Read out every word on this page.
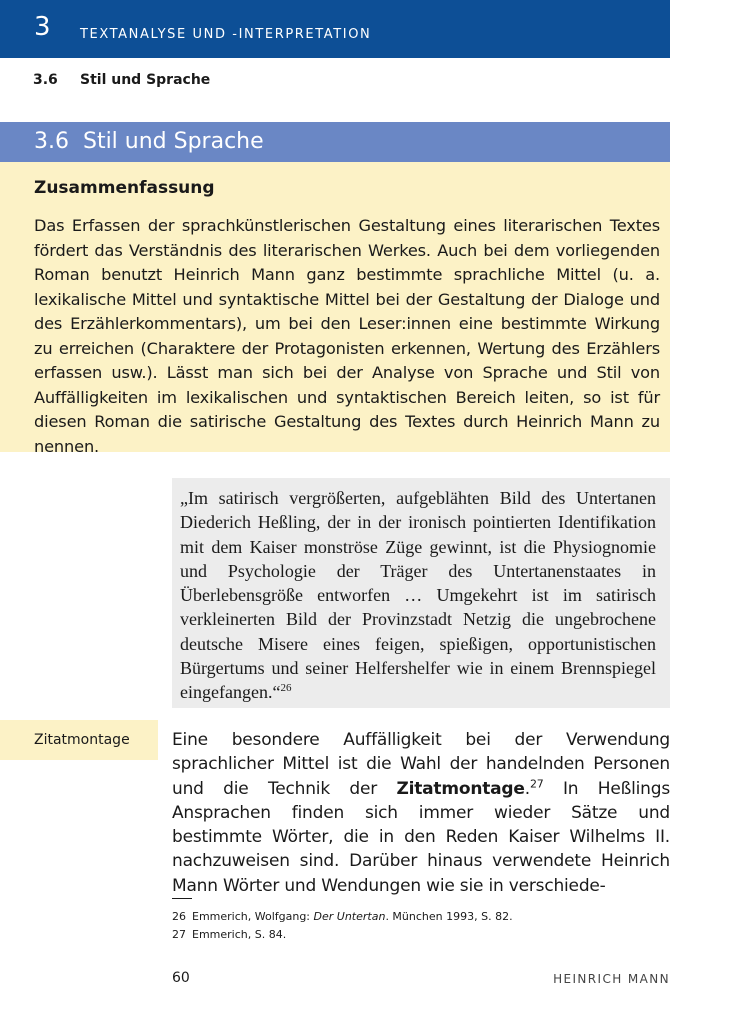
3 TEXTANALYSE UND -INTERPRETATION
3.6 Stil und Sprache
3.6  Stil und Sprache
Zusammenfassung
Das Erfassen der sprachkünstlerischen Gestaltung eines literarischen Textes fördert das Verständnis des literarischen Werkes. Auch bei dem vorliegenden Roman benutzt Heinrich Mann ganz bestimmte sprachliche Mittel (u. a. lexikalische Mittel und syntaktische Mittel bei der Gestaltung der Dialoge und des Erzählerkommentars), um bei den Leser:innen eine bestimmte Wirkung zu erreichen (Charaktere der Protagonisten erkennen, Wertung des Erzählers erfassen usw.). Lässt man sich bei der Analyse von Sprache und Stil von Auffälligkeiten im lexikalischen und syntaktischen Bereich leiten, so ist für diesen Roman die satirische Gestaltung des Textes durch Heinrich Mann zu nennen.
„Im satirisch vergrößerten, aufgeblähten Bild des Untertanen Diederich Heßling, der in der ironisch pointierten Identifikation mit dem Kaiser monströse Züge gewinnt, ist die Physiognomie und Psychologie der Träger des Untertanenstaates in Überlebensgröße entworfen … Umgekehrt ist im satirisch verkleinerten Bild der Provinzstadt Netzig die ungebrochene deutsche Misere eines feigen, spießigen, opportunistischen Bürgertums und seiner Helfershelfer wie in einem Brennspiegel eingefangen.“$^{26}$
Zitatmontage Eine besondere Auffälligkeit bei der Verwendung sprachlicher Mittel ist die Wahl der handelnden Personen und die Technik der Zitatmontage.$^{27}$ In Heßlings Ansprachen finden sich immer wieder Sätze und bestimmte Wörter, die in den Reden Kaiser Wilhelms II. nachzuweisen sind. Darüber hinaus verwendete Heinrich Mann Wörter und Wendungen wie sie in verschiede-
26 Emmerich, Wolfgang: Der Untertan. München 1993, S. 82.
27 Emmerich, S. 84.
60	HEINRICH MANN
